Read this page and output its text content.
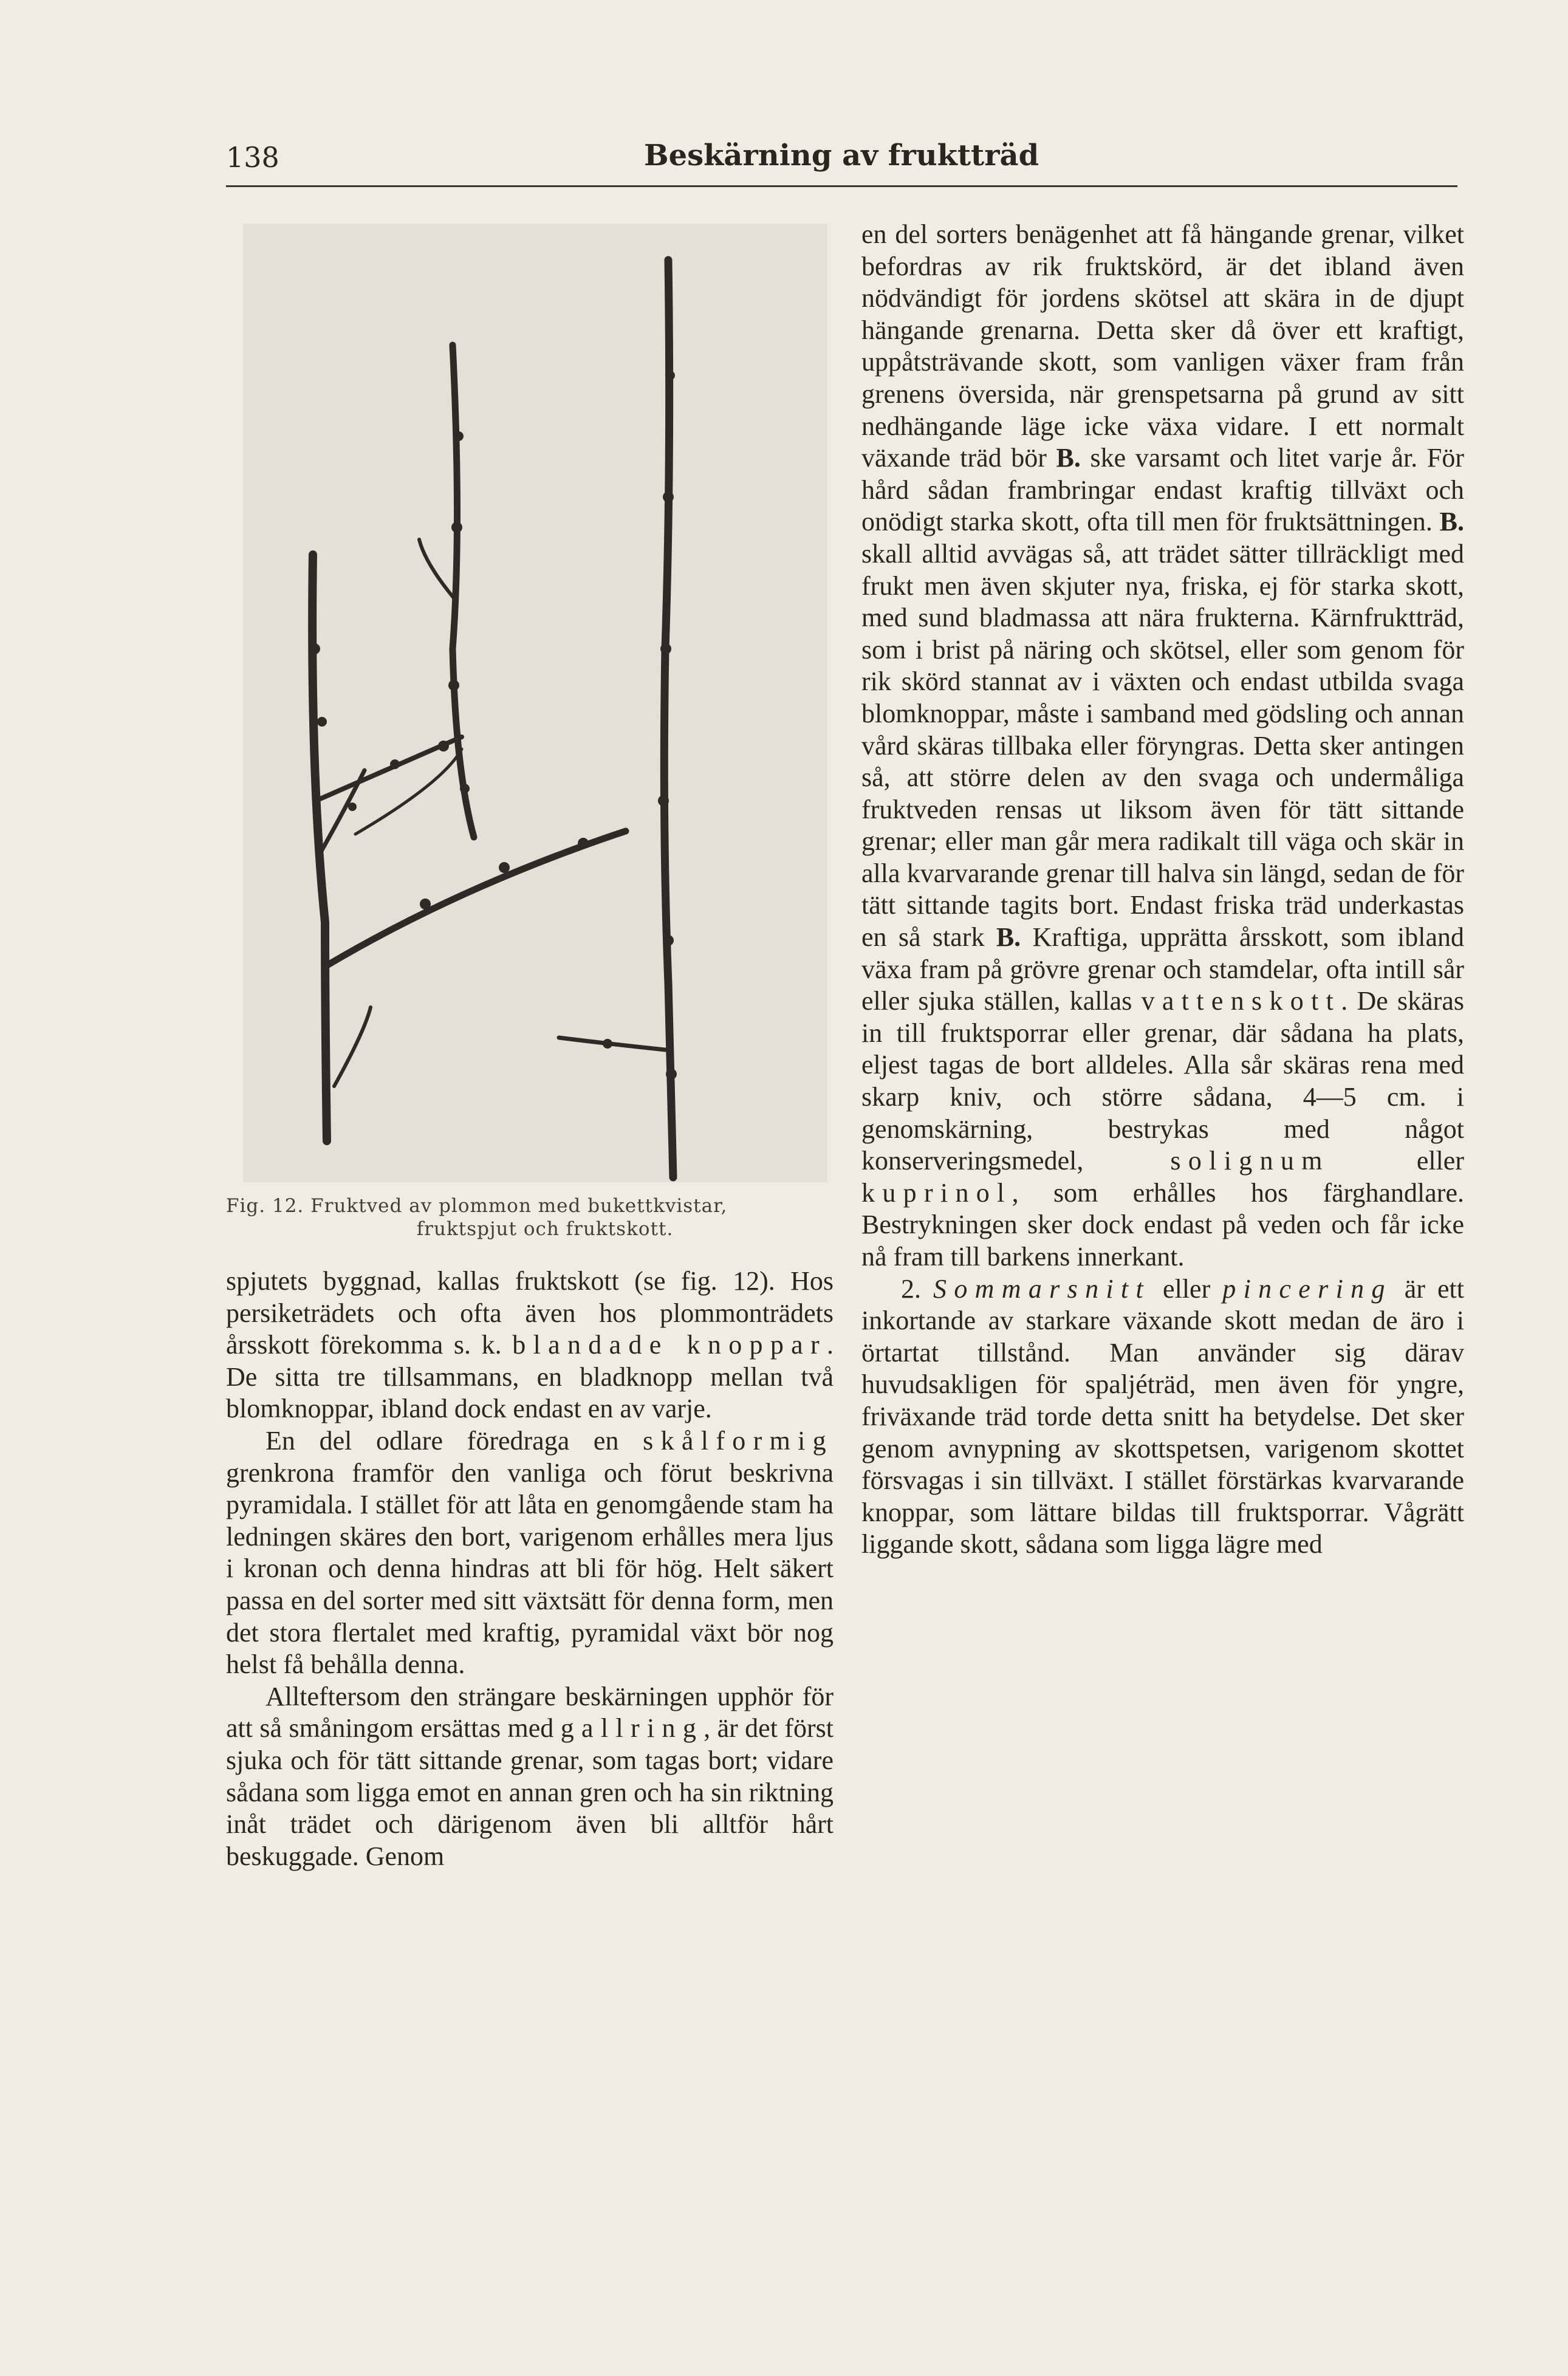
138	Beskärning av fruktträd
Fig. 12. Fruktved av plommon med bukettkvistar,
fruktspjut och fruktskott.

spjutets byggnad, kallas fruktskott (se fig. 12). Hos persiketrädets och ofta även hos plommonträdets årsskott förekomma s. k. blandade knoppar. De sitta tre tillsammans, en bladknopp mellan två blomknoppar, ibland dock endast en av varje.

En del odlare föredraga en skålformig grenkrona framför den vanliga och förut beskrivna pyramidala. I stället för att låta en genomgående stam ha ledningen skäres den bort, varigenom erhålles mera ljus i kronan och denna hindras att bli för hög. Helt säkert passa en del sorter med sitt växtsätt för denna form, men det stora flertalet med kraftig, pyramidal växt bör nog helst få behålla denna.

Allteftersom den strängare beskärningen upphör för att så småningom ersättas med gallring, är det först sjuka och för tätt sittande grenar, som tagas bort; vidare sådana som ligga emot en annan gren och ha sin riktning inåt trädet och därigenom även bli alltför hårt beskuggade. Genom

en del sorters benägenhet att få hängande grenar, vilket befordras av rik fruktskörd, är det ibland även nödvändigt för jordens skötsel att skära in de djupt hängande grenarna. Detta sker då över ett kraftigt, uppåtsträvande skott, som vanligen växer fram från grenens översida, när grenspetsarna på grund av sitt nedhängande läge icke växa vidare. I ett normalt växande träd bör B. ske varsamt och litet varje år. För hård sådan frambringar endast kraftig tillväxt och onödigt starka skott, ofta till men för fruktsättningen. B. skall alltid avvägas så, att trädet sätter tillräckligt med frukt men även skjuter nya, friska, ej för starka skott, med sund bladmassa att nära frukterna. Kärnfruktträd, som i brist på näring och skötsel, eller som genom för rik skörd stannat av i växten och endast utbilda svaga blomknoppar, måste i samband med gödsling och annan vård skäras tillbaka eller föryngras. Detta sker antingen så, att större delen av den svaga och undermåliga fruktveden rensas ut liksom även för tätt sittande grenar; eller man går mera radikalt till väga och skär in alla kvarvarande grenar till halva sin längd, sedan de för tätt sittande tagits bort. Endast friska träd underkastas en så stark B. Kraftiga, upprätta årsskott, som ibland växa fram på grövre grenar och stamdelar, ofta intill sår eller sjuka ställen, kallas vattenskott. De skäras in till fruktsporrar eller grenar, där sådana ha plats, eljest tagas de bort alldeles. Alla sår skäras rena med skarp kniv, och större sådana, 4—5 cm. i genomskärning, bestrykas med något konserveringsmedel, solignum eller kuprinol, som erhålles hos färghandlare. Bestrykningen sker dock endast på veden och får icke nå fram till barkens innerkant.

2. Sommarsnitt eller pincering är ett inkortande av starkare växande skott medan de äro i örtartat tillstånd. Man använder sig därav huvudsakligen för spaljéträd, men även för yngre, friväxande träd torde detta snitt ha betydelse. Det sker genom avnypning av skottspetsen, varigenom skottet försvagas i sin tillväxt. I stället förstärkas kvarvarande knoppar, som lättare bildas till fruktsporrar. Vågrätt liggande skott, sådana som ligga lägre med
